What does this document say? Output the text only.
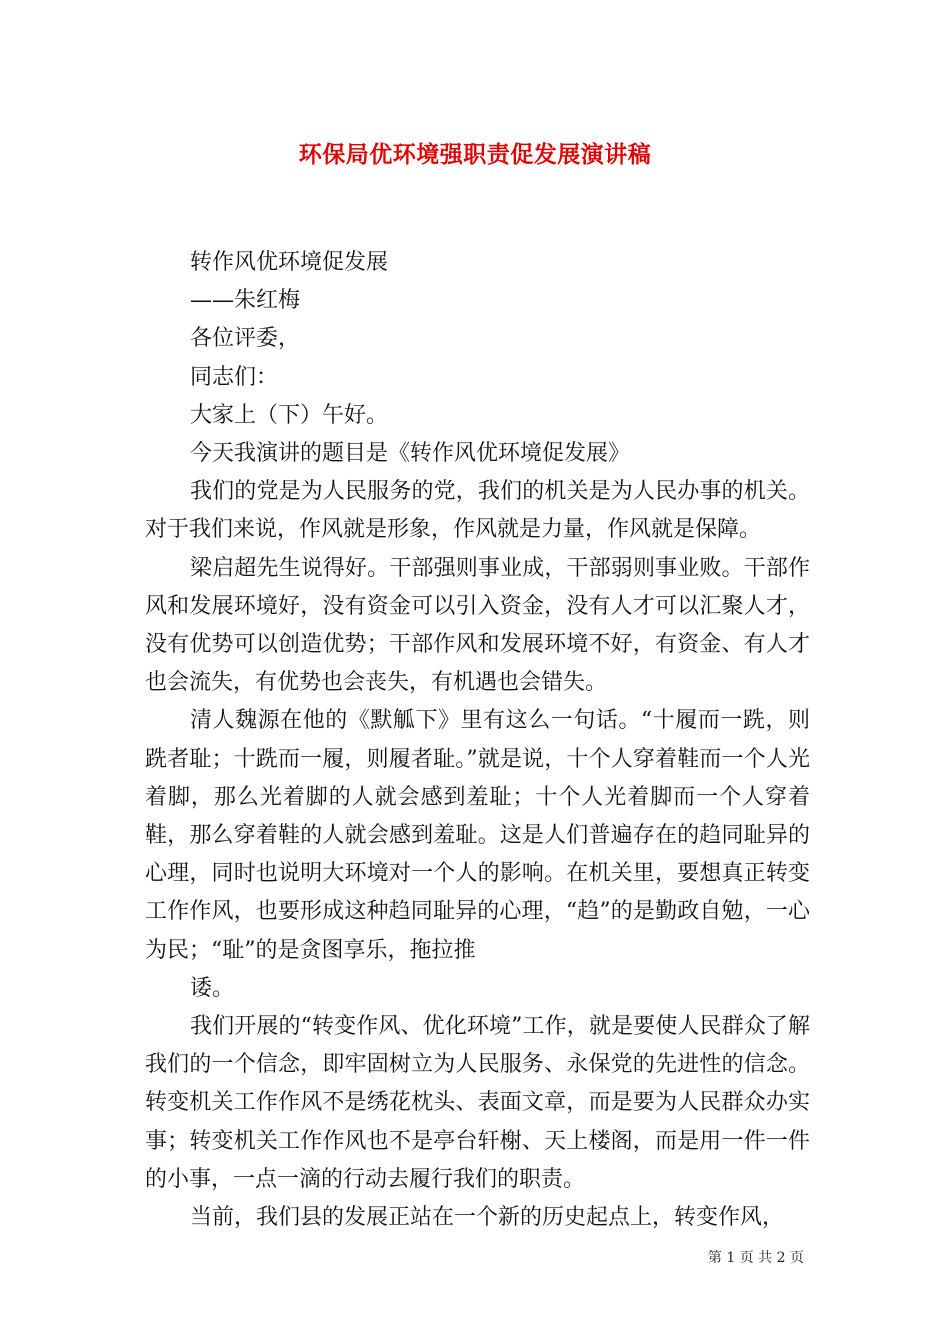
环保局优环境强职责促发展演讲稿

转作风优环境促发展

——朱红梅

各位评委，

同志们：

大家上（下）午好。

今天我演讲的题目是《转作风优环境促发展》

我们的党是为人民服务的党，我们的机关是为人民办事的机关。对于我们来说，作风就是形象，作风就是力量，作风就是保障。

梁启超先生说得好。干部强则事业成，干部弱则事业败。干部作风和发展环境好，没有资金可以引入资金，没有人才可以汇聚人才，没有优势可以创造优势；干部作风和发展环境不好，有资金、有人才也会流失，有优势也会丧失，有机遇也会错失。

清人魏源在他的《默觚下》里有这么一句话。“十履而一跣，则跣者耻；十跣而一履，则履者耻。”就是说，十个人穿着鞋而一个人光着脚，那么光着脚的人就会感到羞耻；十个人光着脚而一个人穿着鞋，那么穿着鞋的人就会感到羞耻。这是人们普遍存在的趋同耻异的心理，同时也说明大环境对一个人的影响。在机关里，要想真正转变工作作风，也要形成这种趋同耻异的心理，“趋”的是勤政自勉，一心为民；“耻”的是贪图享乐，拖拉推

诿。

我们开展的“转变作风、优化环境”工作，就是要使人民群众了解我们的一个信念，即牢固树立为人民服务、永保党的先进性的信念。转变机关工作作风不是绣花枕头、表面文章，而是要为人民群众办实事；转变机关工作作风也不是亭台轩榭、天上楼阁，而是用一件一件的小事，一点一滴的行动去履行我们的职责。

当前，我们县的发展正站在一个新的历史起点上，转变作风，

第 1 页 共 2 页
